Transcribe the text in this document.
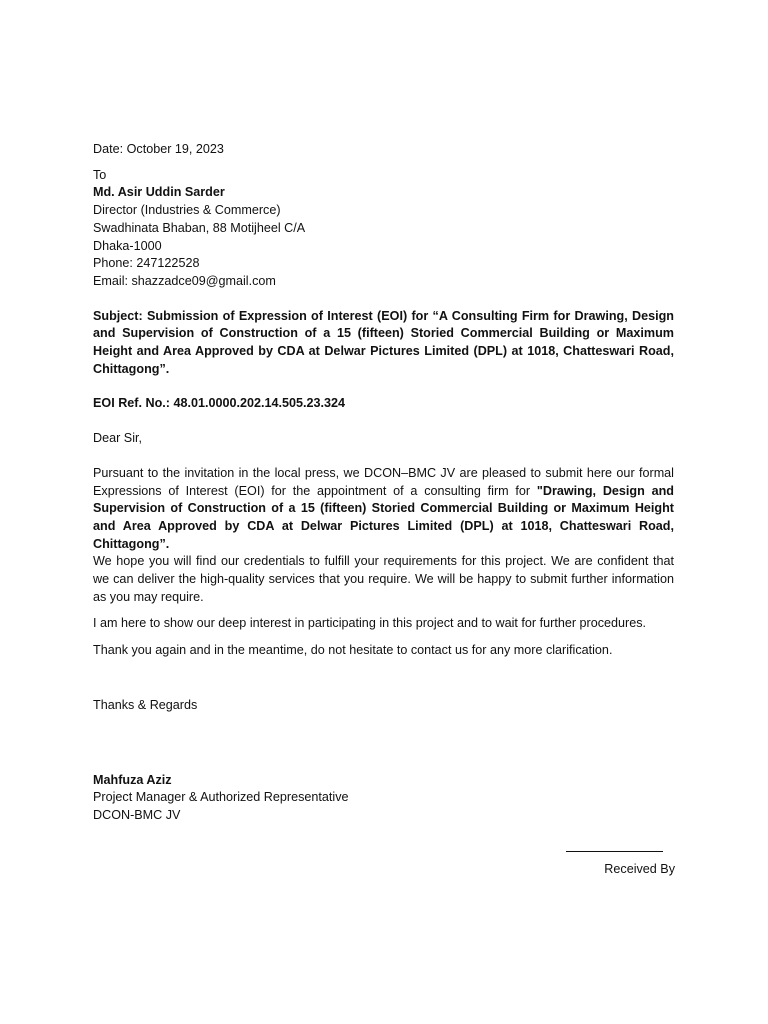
Date: October 19, 2023
To
Md. Asir Uddin Sarder
Director (Industries & Commerce)
Swadhinata Bhaban, 88 Motijheel C/A
Dhaka-1000
Phone: 247122528
Email: shazzadce09@gmail.com

Subject: Submission of Expression of Interest (EOI) for “A Consulting Firm for Drawing, Design and Supervision of Construction of a 15 (fifteen) Storied Commercial Building or Maximum Height and Area Approved by CDA at Delwar Pictures Limited (DPL) at 1018, Chatteswari Road, Chittagong”.

EOI Ref. No.: 48.01.0000.202.14.505.23.324

Dear Sir,

Pursuant to the invitation in the local press, we DCON–BMC JV are pleased to submit here our formal Expressions of Interest (EOI) for the appointment of a consulting firm for "Drawing, Design and Supervision of Construction of a 15 (fifteen) Storied Commercial Building or Maximum Height and Area Approved by CDA at Delwar Pictures Limited (DPL) at 1018, Chatteswari Road, Chittagong”.

We hope you will find our credentials to fulfill your requirements for this project. We are confident that we can deliver the high-quality services that you require. We will be happy to submit further information as you may require.

I am here to show our deep interest in participating in this project and to wait for further procedures.

Thank you again and in the meantime, do not hesitate to contact us for any more clarification.

Thanks & Regards

Mahfuza Aziz
Project Manager & Authorized Representative
DCON-BMC JV
Received By
